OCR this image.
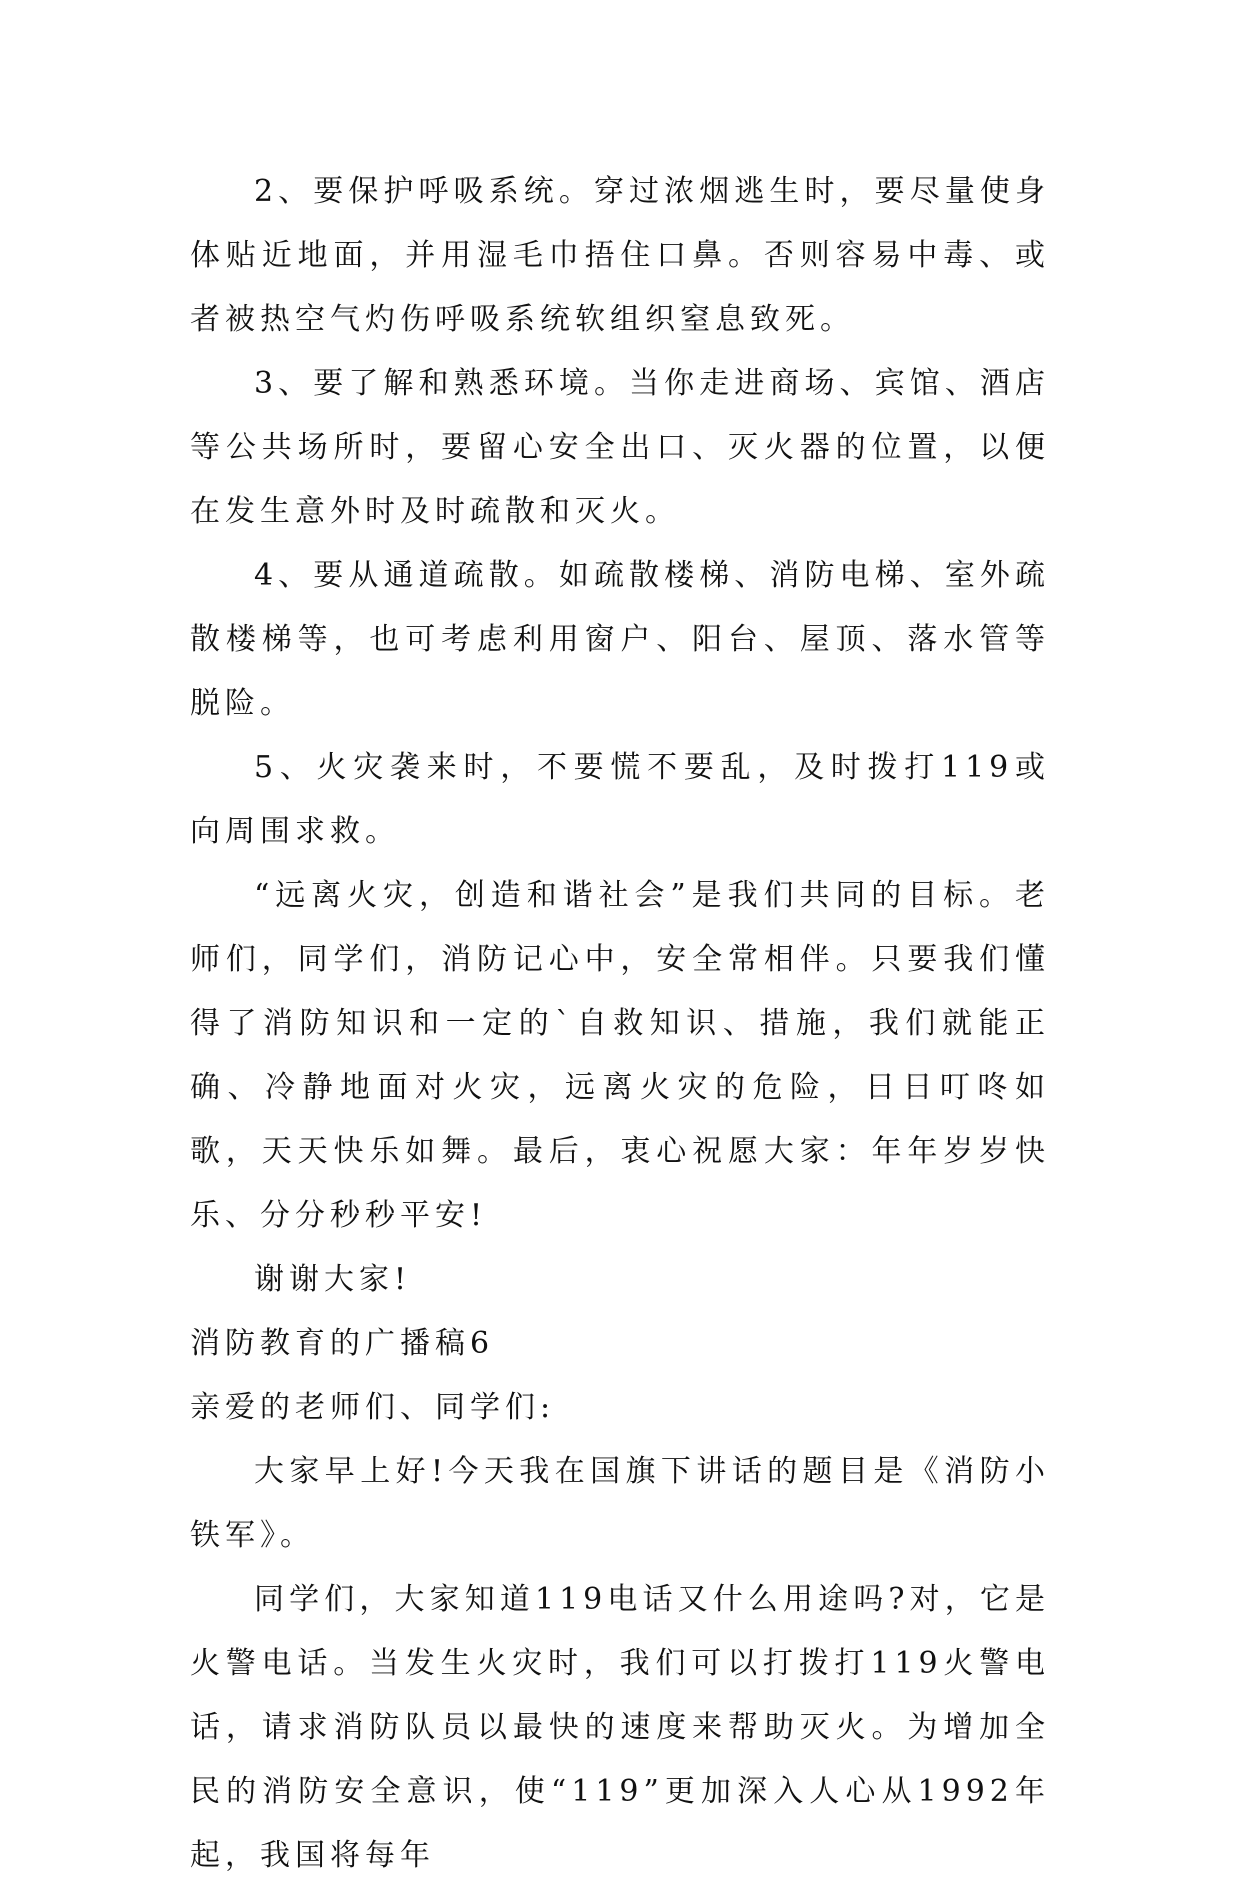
2、要保护呼吸系统。穿过浓烟逃生时，要尽量使身体贴近地面，并用湿毛巾捂住口鼻。否则容易中毒、或者被热空气灼伤呼吸系统软组织窒息致死。

3、要了解和熟悉环境。当你走进商场、宾馆、酒店等公共场所时，要留心安全出口、灭火器的位置，以便在发生意外时及时疏散和灭火。

4、要从通道疏散。如疏散楼梯、消防电梯、室外疏散楼梯等，也可考虑利用窗户、阳台、屋顶、落水管等脱险。

5、火灾袭来时，不要慌不要乱，及时拨打119或向周围求救。

“远离火灾，创造和谐社会”是我们共同的目标。老师们，同学们，消防记心中，安全常相伴。只要我们懂得了消防知识和一定的`自救知识、措施，我们就能正确、冷静地面对火灾，远离火灾的危险，日日叮咚如歌，天天快乐如舞。最后，衷心祝愿大家：年年岁岁快乐、分分秒秒平安!

谢谢大家!

消防教育的广播稿6

亲爱的老师们、同学们:

大家早上好!今天我在国旗下讲话的题目是《消防小铁军》。

同学们，大家知道119电话又什么用途吗?对，它是火警电话。当发生火灾时，我们可以打拨打119火警电话，请求消防队员以最快的速度来帮助灭火。为增加全民的消防安全意识，使“119”更加深入人心从1992年起，我国将每年
